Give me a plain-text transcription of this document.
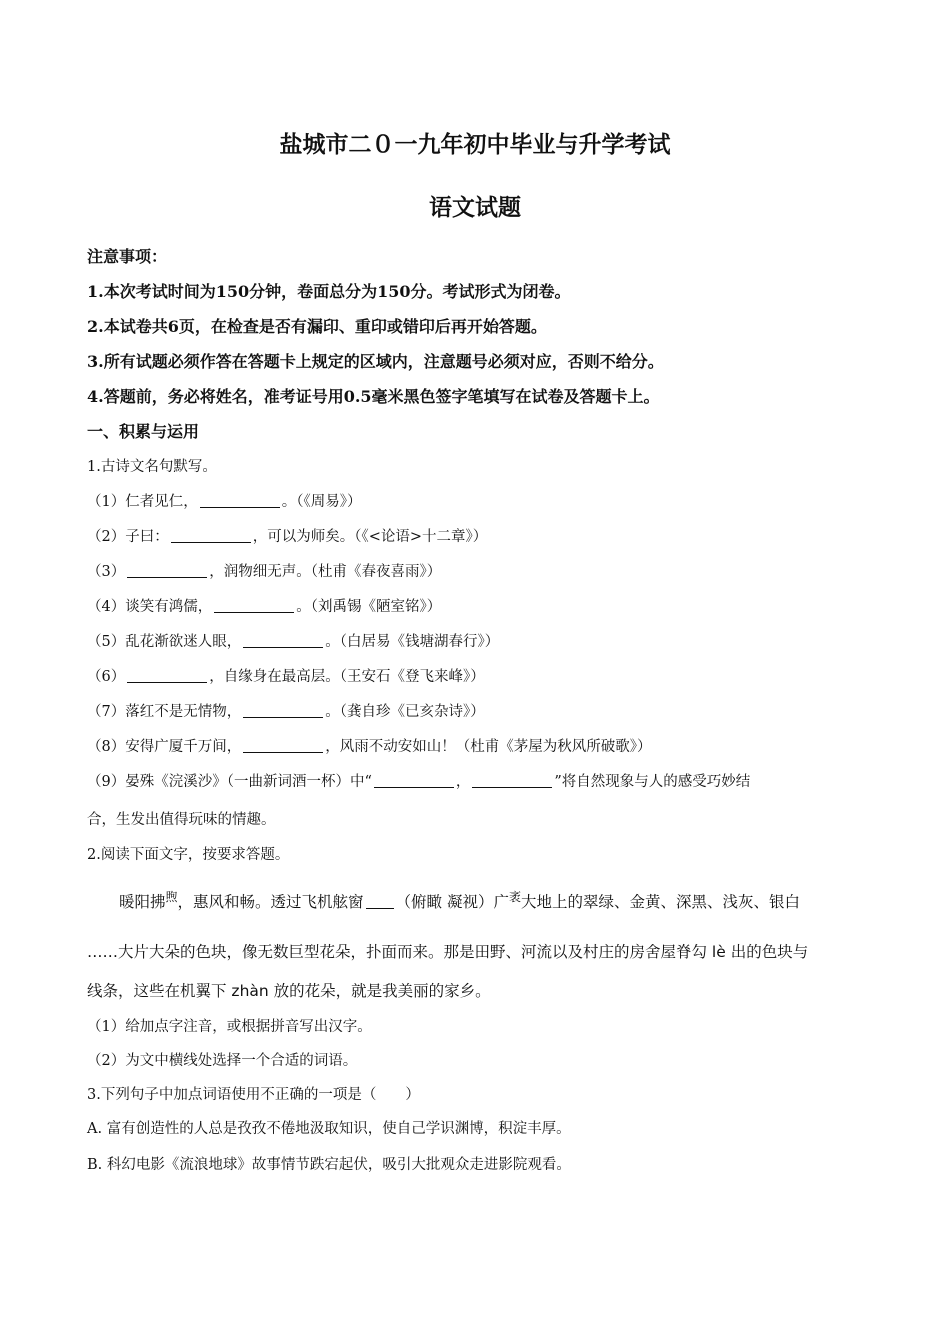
盐城市二０一九年初中毕业与升学考试
语文试题
注意事项：
1.本次考试时间为150分钟，卷面总分为150分。考试形式为闭卷。
2.本试卷共6页，在检查是否有漏印、重印或错印后再开始答题。
3.所有试题必须作答在答题卡上规定的区域内，注意题号必须对应，否则不给分。
4.答题前，务必将姓名，准考证号用0.5毫米黑色签字笔填写在试卷及答题卡上。
一、积累与运用
1.古诗文名句默写。
（1）仁者见仁，	。（《周易》）
（2）子曰：	，可以为师矣。（《<论语>十二章》）
（3）	，润物细无声。（杜甫《春夜喜雨》）
（4）谈笑有鸿儒，	。（刘禹锡《陋室铭》）
（5）乱花渐欲迷人眼，	。（白居易《钱塘湖春行》）
（6）	，自缘身在最高层。（王安石《登飞来峰》）
（7）落红不是无情物，	。（龚自珍《已亥杂诗》）
（8）安得广厦千万间，	，风雨不动安如山！（杜甫《茅屋为秋风所破歌》）
（9）晏殊《浣溪沙》（一曲新词酒一杯）中“	，	”将自然现象与人的感受巧妙结
合，生发出值得玩味的情趣。
2.阅读下面文字，按要求答题。
暖阳拂$^煦$，惠风和畅。透过飞机舷窗 （俯瞰 凝视）广$^袤$大地上的翠绿、金黄、深黑、浅灰、银白
……大片大朵的色块，像无数巨型花朵，扑面而来。那是田野、河流以及村庄的房舍屋脊勾 lè 出的色块与
线条，这些在机翼下 zhàn 放的花朵，就是我美丽的家乡。
（1）给加点字注音，或根据拼音写出汉字。
（2）为文中横线处选择一个合适的词语。
3.下列句子中加点词语使用不正确的一项是（　　）
A. 富有创造性的人总是孜孜不倦地汲取知识，使自己学识渊博，积淀丰厚。
B. 科幻电影《流浪地球》故事情节跌宕起伏，吸引大批观众走进影院观看。
